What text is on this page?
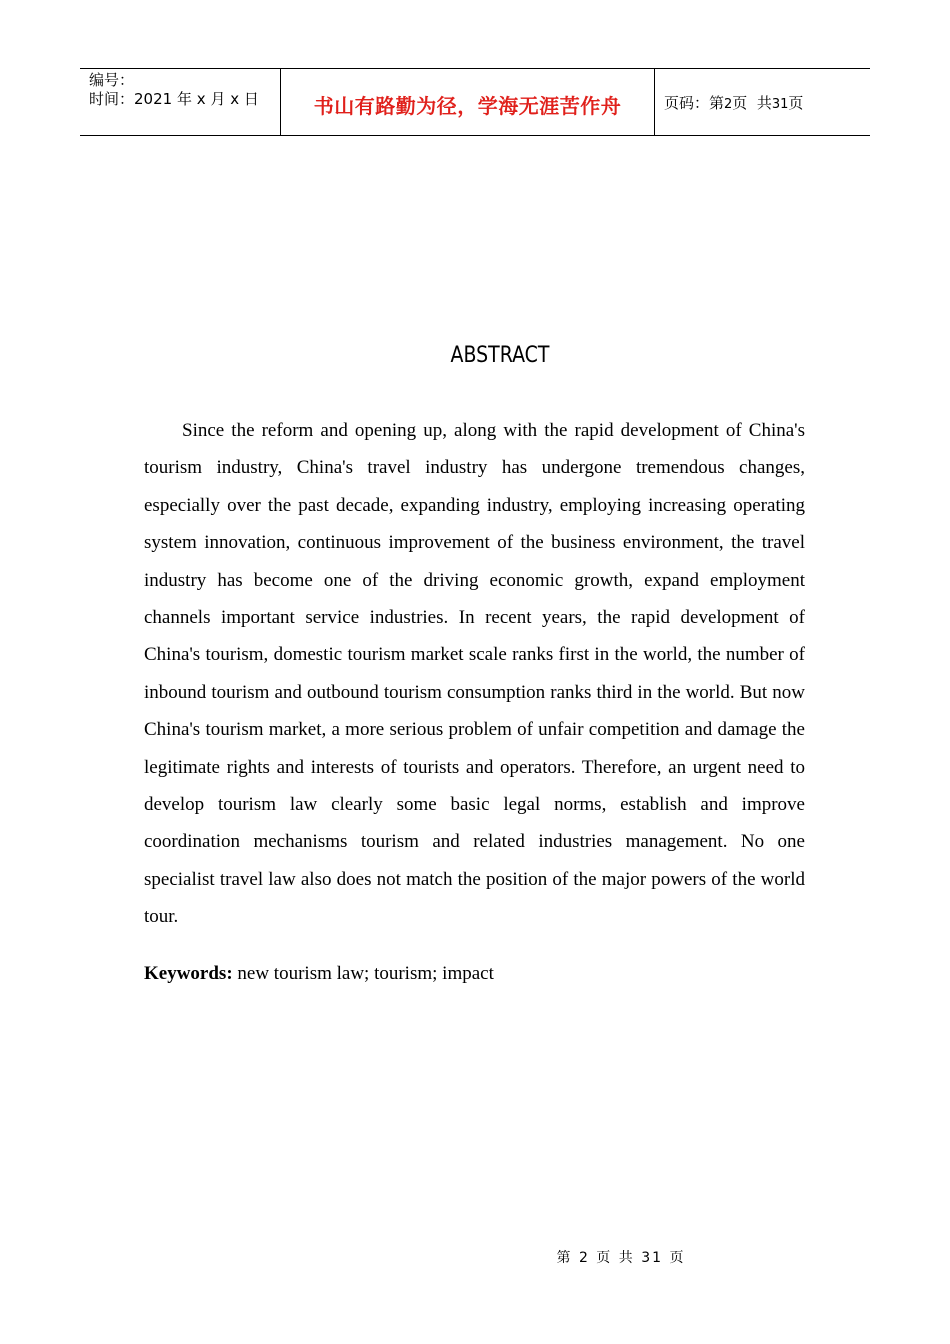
编号：
时间：2021 年 x 月 x 日	书山有路勤为径，学海无涯苦作舟	页码：第2页 共31页
ABSTRACT

Since the reform and opening up, along with the rapid development of China's tourism industry, China's travel industry has undergone tremendous changes, especially over the past decade, expanding industry, employing increasing operating system innovation, continuous improvement of the business environment, the travel industry has become one of the driving economic growth, expand employment channels important service industries. In recent years, the rapid development of China's tourism, domestic tourism market scale ranks first in the world, the number of inbound tourism and outbound tourism consumption ranks third in the world. But now China's tourism market, a more serious problem of unfair competition and damage the legitimate rights and interests of tourists and operators. Therefore, an urgent need to develop tourism law clearly some basic legal norms, establish and improve coordination mechanisms tourism and related industries management. No one specialist travel law also does not match the position of the major powers of the world tour.

Keywords: new tourism law; tourism; impact
第 2 页 共 31 页
